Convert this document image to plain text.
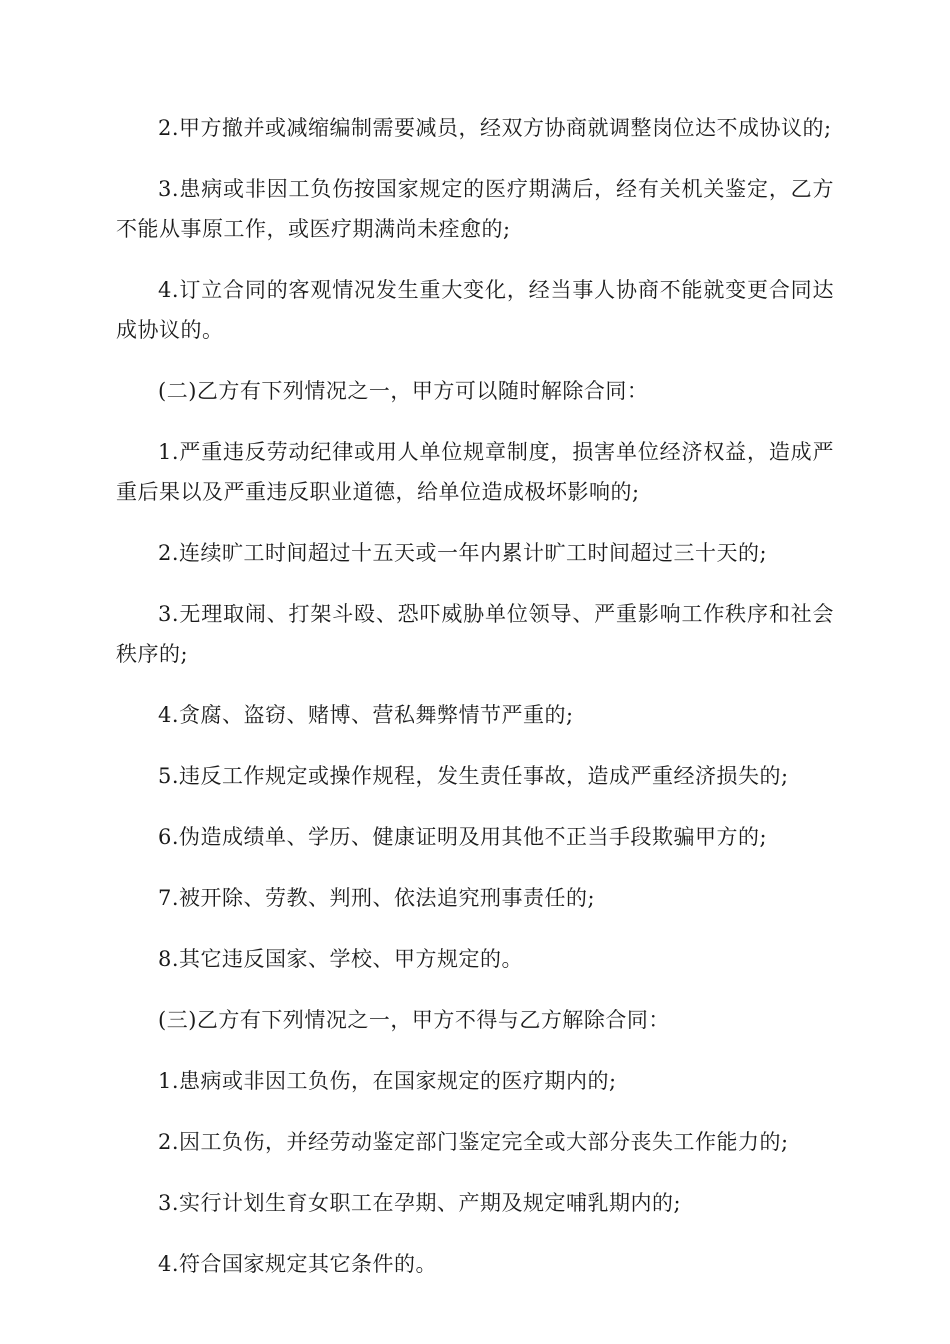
2.甲方撤并或减缩编制需要减员，经双方协商就调整岗位达不成协议的;

3.患病或非因工负伤按国家规定的医疗期满后，经有关机关鉴定，乙方不能从事原工作，或医疗期满尚未痊愈的;

4.订立合同的客观情况发生重大变化，经当事人协商不能就变更合同达成协议的。

(二)乙方有下列情况之一，甲方可以随时解除合同：

1.严重违反劳动纪律或用人单位规章制度，损害单位经济权益，造成严重后果以及严重违反职业道德，给单位造成极坏影响的;

2.连续旷工时间超过十五天或一年内累计旷工时间超过三十天的;

3.无理取闹、打架斗殴、恐吓威胁单位领导、严重影响工作秩序和社会秩序的;

4.贪腐、盗窃、赌博、营私舞弊情节严重的;

5.违反工作规定或操作规程，发生责任事故，造成严重经济损失的;

6.伪造成绩单、学历、健康证明及用其他不正当手段欺骗甲方的;

7.被开除、劳教、判刑、依法追究刑事责任的;

8.其它违反国家、学校、甲方规定的。

(三)乙方有下列情况之一，甲方不得与乙方解除合同：

1.患病或非因工负伤，在国家规定的医疗期内的;

2.因工负伤，并经劳动鉴定部门鉴定完全或大部分丧失工作能力的;

3.实行计划生育女职工在孕期、产期及规定哺乳期内的;

4.符合国家规定其它条件的。
